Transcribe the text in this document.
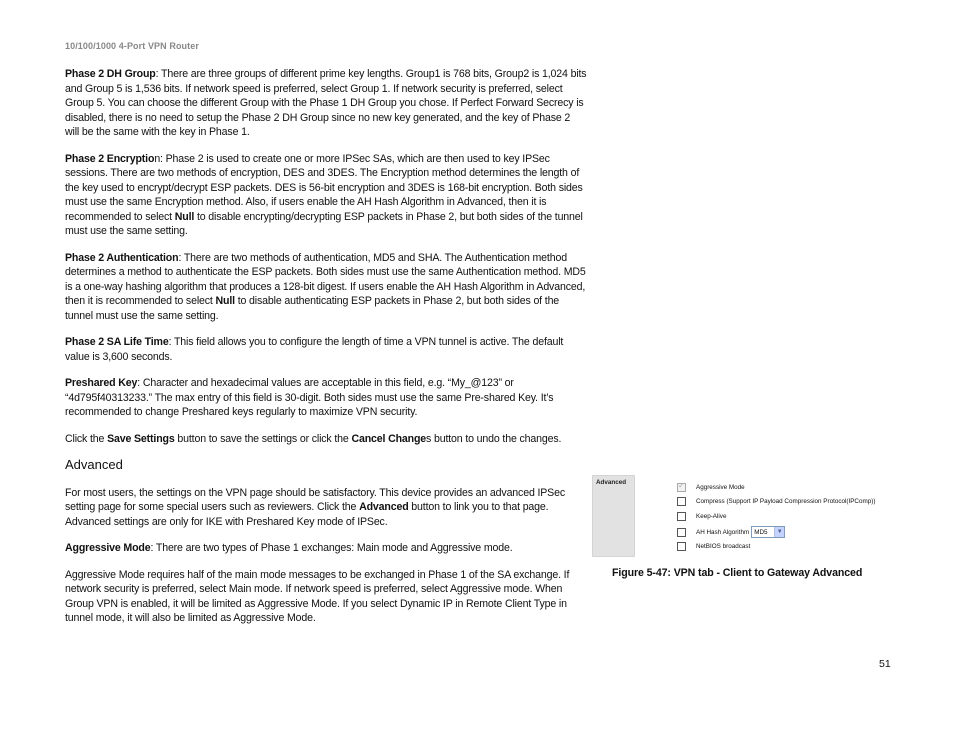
10/100/1000 4-Port VPN Router

Phase 2 DH Group: There are three groups of different prime key lengths. Group1 is 768 bits, Group2 is 1,024 bits and Group 5 is 1,536 bits. If network speed is preferred, select Group 1. If network security is preferred, select Group 5. You can choose the different Group with the Phase 1 DH Group you chose. If Perfect Forward Secrecy is disabled, there is no need to setup the Phase 2 DH Group since no new key generated, and the key of Phase 2 will be the same with the key in Phase 1.

Phase 2 Encryption: Phase 2 is used to create one or more IPSec SAs, which are then used to key IPSec sessions. There are two methods of encryption, DES and 3DES. The Encryption method determines the length of the key used to encrypt/decrypt ESP packets. DES is 56-bit encryption and 3DES is 168-bit encryption. Both sides must use the same Encryption method. Also, if users enable the AH Hash Algorithm in Advanced, then it is recommended to select Null to disable encrypting/decrypting ESP packets in Phase 2, but both sides of the tunnel must use the same setting.

Phase 2 Authentication: There are two methods of authentication, MD5 and SHA. The Authentication method determines a method to authenticate the ESP packets. Both sides must use the same Authentication method. MD5 is a one-way hashing algorithm that produces a 128-bit digest. If users enable the AH Hash Algorithm in Advanced, then it is recommended to select Null to disable authenticating ESP packets in Phase 2, but both sides of the tunnel must use the same setting.

Phase 2 SA Life Time: This field allows you to configure the length of time a VPN tunnel is active. The default value is 3,600 seconds.

Preshared Key: Character and hexadecimal values are acceptable in this field, e.g. “My_@123” or “4d795f40313233.” The max entry of this field is 30-digit. Both sides must use the same Pre-shared Key. It’s recommended to change Preshared keys regularly to maximize VPN security.

Click the Save Settings button to save the settings or click the Cancel Changes button to undo the changes.

Advanced

For most users, the settings on the VPN page should be satisfactory. This device provides an advanced IPSec setting page for some special users such as reviewers. Click the Advanced button to link you to that page. Advanced settings are only for IKE with Preshared Key mode of IPSec.

Aggressive Mode: There are two types of Phase 1 exchanges: Main mode and Aggressive mode.

Aggressive Mode requires half of the main mode messages to be exchanged in Phase 1 of the SA exchange. If network security is preferred, select Main mode. If network speed is preferred, select Aggressive mode. When Group VPN is enabled, it will be limited as Aggressive Mode. If you select Dynamic IP in Remote Client Type in tunnel mode, it will also be limited as Aggressive Mode.

Advanced
✓
Aggressive Mode
Compress (Support IP Payload Compression Protocol(IPComp))
Keep-Alive
AH Hash Algorithm MD5	▼
NetBIOS broadcast
Figure 5-47: VPN tab - Client to Gateway Advanced
51
